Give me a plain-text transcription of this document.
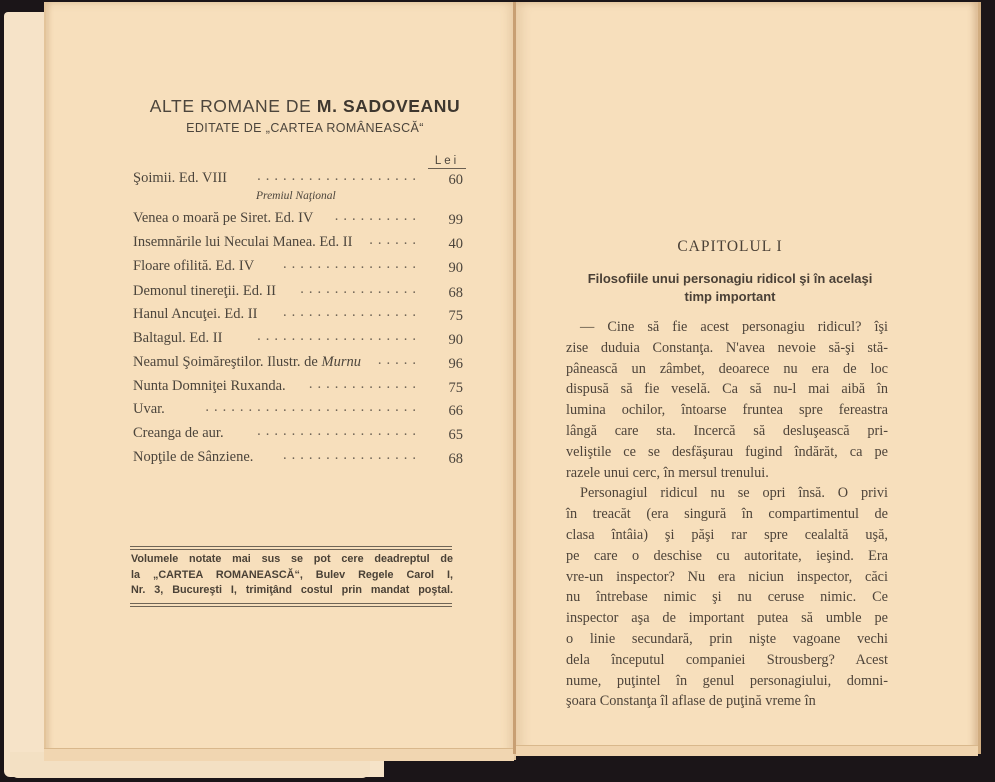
ALTE ROMANE DE M. SADOVEANU
EDITATE DE „CARTEA ROMÂNEASCĂ“
Lei
Şoimii. Ed. VIII ...................	60
Venea o moară pe Siret. Ed. IV ..........	99
Insemnările lui Neculai Manea. Ed. II ......	40
Floare ofilită. Ed. IV ................	90
Demonul tinereţii. Ed. II ..............	68
Hanul Ancuţei. Ed. II ................	75
Baltagul. Ed. II ...................	90
Neamul Şoimăreştilor. Ilustr. de Murnu .....	96
Nunta Domniţei Ruxanda. .............	75
Uvar.	.........................	66
Creanga de aur. ...................	65
Nopţile de Sânziene. ................	68
Premiul Naţional
Volumele notate mai sus se pot cere deadreptul de
la „CARTEA ROMANEASCĂ“, Bulev Regele Carol I,
Nr. 3, Bucureşti I, trimiţând costul prin mandat poştal.
CAPITOLUL I
Filosofiile unui personagiu ridicol şi în acelaşi
timp important
— Cine să fie acest personagiu ridicul? îşi
zise duduia Constanţa. N'avea nevoie să-şi stă-
pânească un zâmbet, deoarece nu era de loc
dispusă să fie veselă. Ca să nu-l mai aibă în
lumina ochilor, întoarse fruntea spre fereastra
lângă care sta. Incercă să desluşească pri-
veliştile ce se desfăşurau fugind îndărăt, ca pe
razele unui cerc, în mersul trenului.
Personagiul ridicul nu se opri însă. O privi
în treacăt (era singură în compartimentul de
clasa întâia) şi păşi rar spre cealaltă uşă,
pe care o deschise cu autoritate, ieşind. Era
vre-un inspector? Nu era niciun inspector, căci
nu întrebase nimic şi nu ceruse nimic. Ce
inspector aşa de important putea să umble pe
o linie secundară, prin nişte vagoane vechi
dela începutul companiei Strousberg? Acest
nume, puţintel în genul personagiului, domni-
şoara Constanţa îl aflase de puţină vreme în
